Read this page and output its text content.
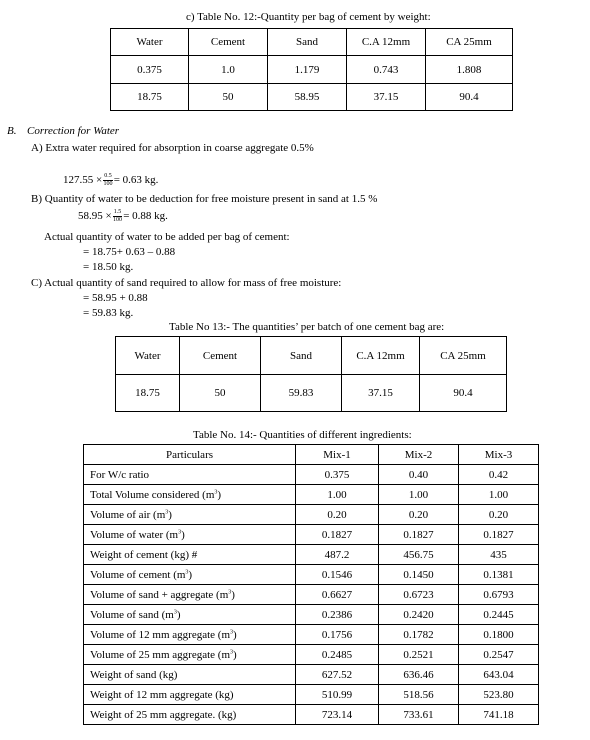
c) Table No. 12:-Quantity per bag of cement by weight:
Water	Cement	Sand	C.A 12mm	CA 25mm
0.375	1.0	1.179	0.743	1.808
18.75	50	58.95	37.15	90.4
B. Correction for Water
A) Extra water required for absorption in coarse aggregate 0.5%
$127.55 \times \frac{0.5}{100} = 0.63$ kg.
B) Quantity of water to be deduction for free moisture present in sand at 1.5 %
$58.95 \times \frac{1.5}{100} = 0.88$ kg.
Actual quantity of water to be added per bag of cement:
= 18.75+ 0.63 – 0.88
= 18.50 kg.
C) Actual quantity of sand required to allow for mass of free moisture:
= 58.95 + 0.88
= 59.83 kg.
Table No 13:- The quantities’ per batch of one cement bag are:
Water	Cement	Sand	C.A 12mm	CA 25mm
18.75	50	59.83	37.15	90.4
Table No. 14:- Quantities of different ingredients:
Particulars	Mix-1	Mix-2	Mix-3
For W/c ratio	0.375	0.40	0.42
Total Volume considered $(m^3)$	1.00	1.00	1.00
Volume of air $(m^3)$	0.20	0.20	0.20
Volume of water $(m^3)$	0.1827	0.1827	0.1827
Weight of cement (kg) #	487.2	456.75	435
Volume of cement $(m^3)$	0.1546	0.1450	0.1381
Volume of sand + aggregate $(m^3)$	0.6627	0.6723	0.6793
Volume of sand $(m^3)$	0.2386	0.2420	0.2445
Volume of 12 mm aggregate $(m^3)$	0.1756	0.1782	0.1800
Volume of 25 mm aggregate $(m^3)$	0.2485	0.2521	0.2547
Weight of sand (kg)	627.52	636.46	643.04
Weight of 12 mm aggregate (kg)	510.99	518.56	523.80
Weight of 25 mm aggregate. (kg)	723.14	733.61	741.18
